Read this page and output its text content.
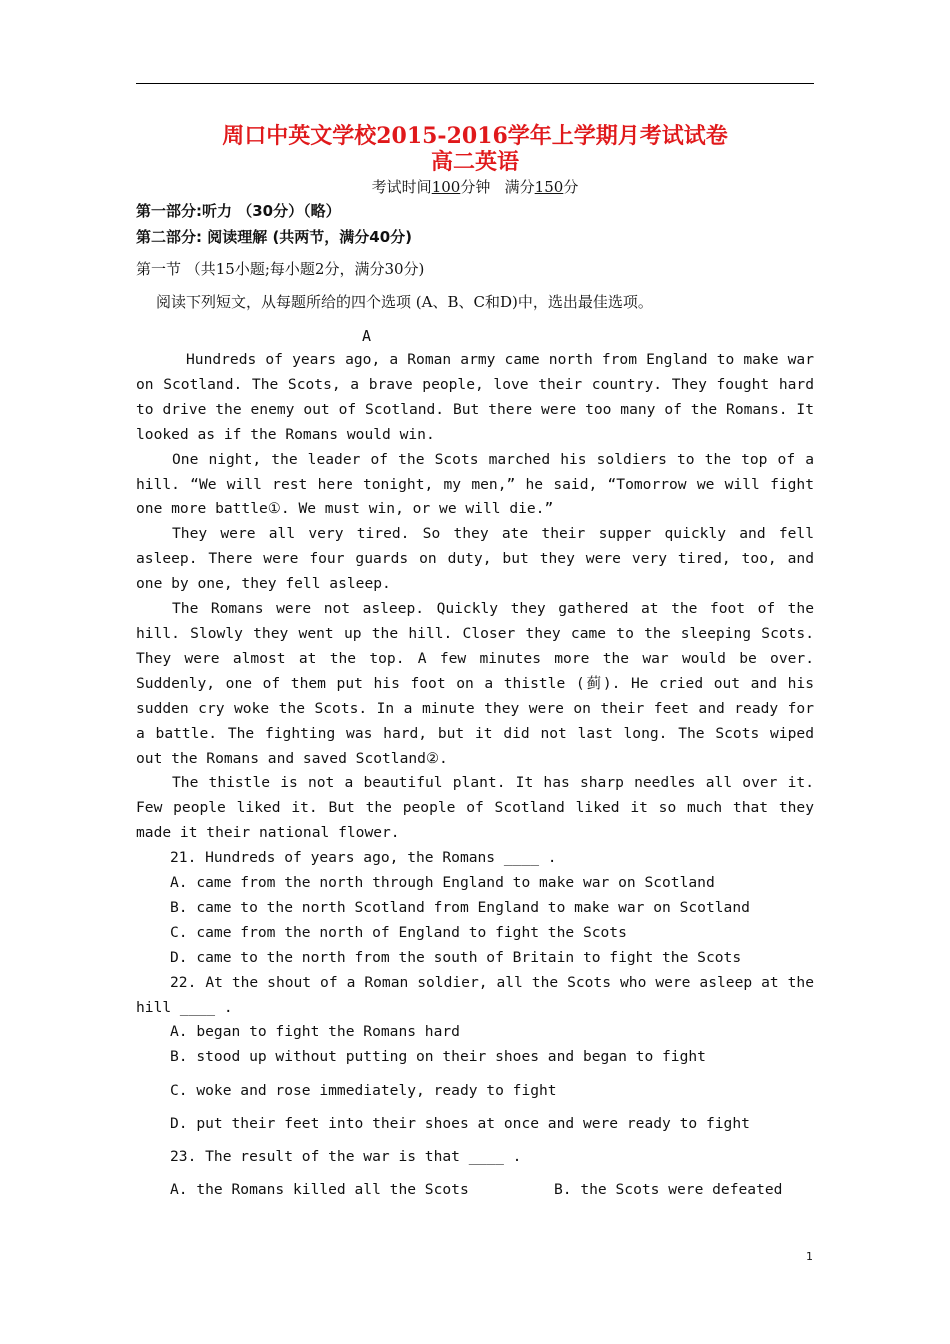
周口中英文学校2015-2016学年上学期月考试试卷
高二英语
考试时间100分钟 满分150分
第一部分:听力 （30分）（略）
第二部分: 阅读理解 (共两节，满分40分)
第一节 （共15小题;每小题2分，满分30分)
阅读下列短文，从每题所给的四个选项 (A、B、C和D)中，选出最佳选项。
A

Hundreds of years ago, a Roman army came north from England to make war on Scotland. The Scots, a brave people, love their country. They fought hard to drive the enemy out of Scotland. But there were too many of the Romans. It looked as if the Romans would win.

One night, the leader of the Scots marched his soldiers to the top of a hill. “We will rest here tonight, my men,” he said, “Tomorrow we will fight one more battle①. We must win, or we will die.”

They were all very tired. So they ate their supper quickly and fell asleep. There were four guards on duty, but they were very tired, too, and one by one, they fell asleep.

The Romans were not asleep. Quickly they gathered at the foot of the hill. Slowly they went up the hill. Closer they came to the sleeping Scots. They were almost at the top. A few minutes more the war would be over. Suddenly, one of them put his foot on a thistle (蓟). He cried out and his sudden cry woke the Scots. In a minute they were on their feet and ready for a battle. The fighting was hard, but it did not last long. The Scots wiped out the Romans and saved Scotland②.

The thistle is not a beautiful plant. It has sharp needles all over it. Few people liked it. But the people of Scotland liked it so much that they made it their national flower.

21. Hundreds of years ago, the Romans ____ .

A. came from the north through England to make war on Scotland

B. came to the north Scotland from England to make war on Scotland

C. came from the north of England to fight the Scots

D. came to the north from the south of Britain to fight the Scots

22. At the shout of a Roman soldier, all the Scots who were asleep at the hill ____ .

A. began to fight the Romans hard

B. stood up without putting on their shoes and began to fight

C. woke and rose immediately, ready to fight

D. put their feet into their shoes at once and were ready to fight

23. The result of the war is that ____ .

A. the Romans killed all the Scots	B. the Scots were defeated
1
